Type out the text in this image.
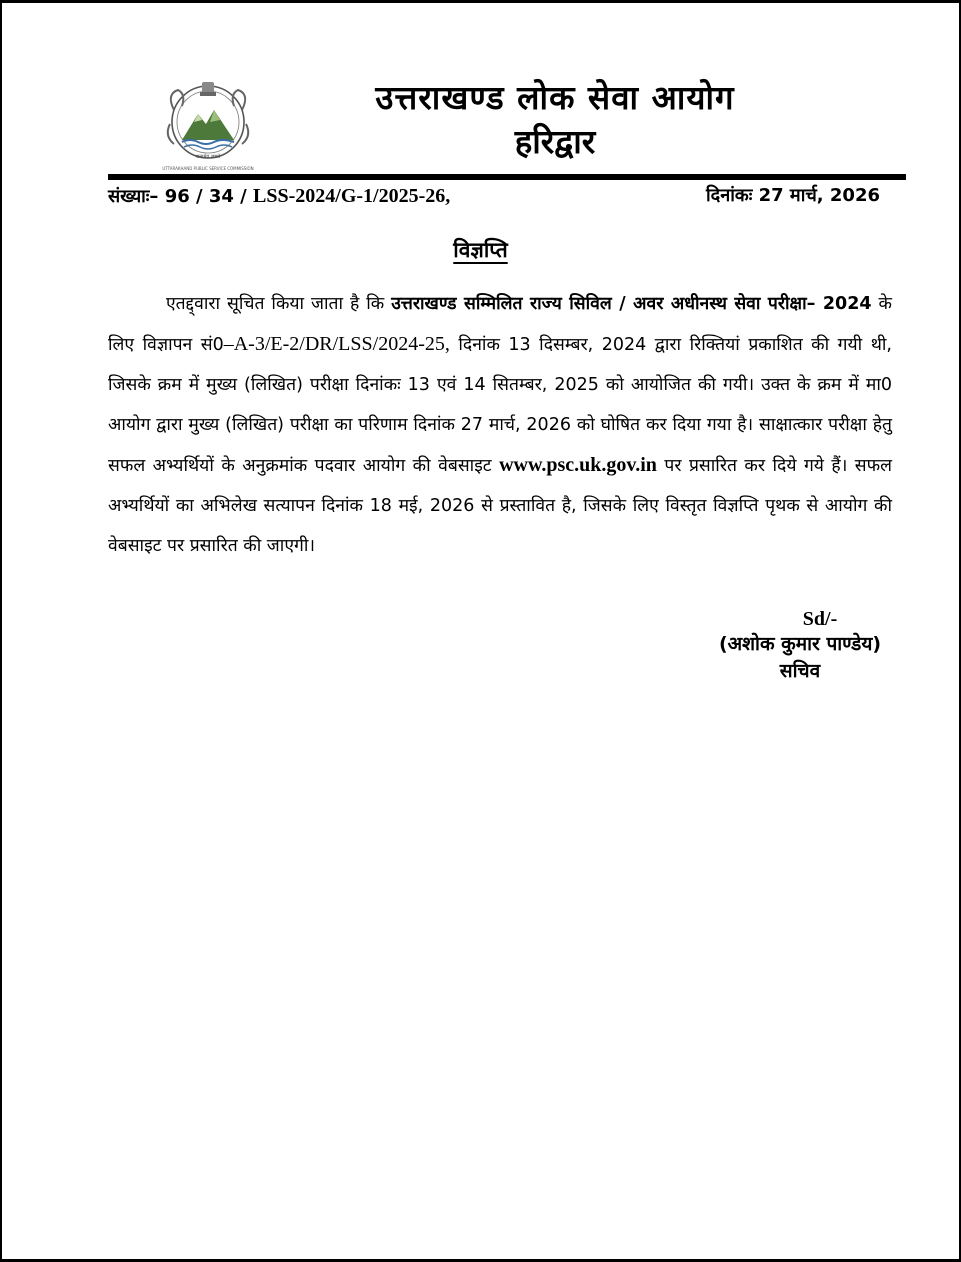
सत्यमेव जयते
UTTARAKHAND PUBLIC SERVICE COMMISSION
उत्तराखण्ड लोक सेवा आयोग
हरिद्वार
संख्याः– 96 / 34 / LSS-2024/G-1/2025-26,	दिनांकः 27 मार्च, 2026
विज्ञप्ति
एतद्द्वारा सूचित किया जाता है कि उत्तराखण्ड सम्मिलित राज्य सिविल / अवर अधीनस्थ सेवा परीक्षा– 2024 के लिए विज्ञापन सं0–A-3/E-2/DR/LSS/2024-25, दिनांक 13 दिसम्बर, 2024 द्वारा रिक्तियां प्रकाशित की गयी थी, जिसके क्रम में मुख्य (लिखित) परीक्षा दिनांकः 13 एवं 14 सितम्बर, 2025 को आयोजित की गयी। उक्त के क्रम में मा0 आयोग द्वारा मुख्य (लिखित) परीक्षा का परिणाम दिनांक 27 मार्च, 2026 को घोषित कर दिया गया है। साक्षात्कार परीक्षा हेतु सफल अभ्यर्थियों के अनुक्रमांक पदवार आयोग की वेबसाइट www.psc.uk.gov.in पर प्रसारित कर दिये गये हैं। सफल अभ्यर्थियों का अभिलेख सत्यापन दिनांक 18 मई, 2026 से प्रस्तावित है, जिसके लिए विस्तृत विज्ञप्ति पृथक से आयोग की वेबसाइट पर प्रसारित की जाएगी।
Sd/-
(अशोक कुमार पाण्डेय)
सचिव
